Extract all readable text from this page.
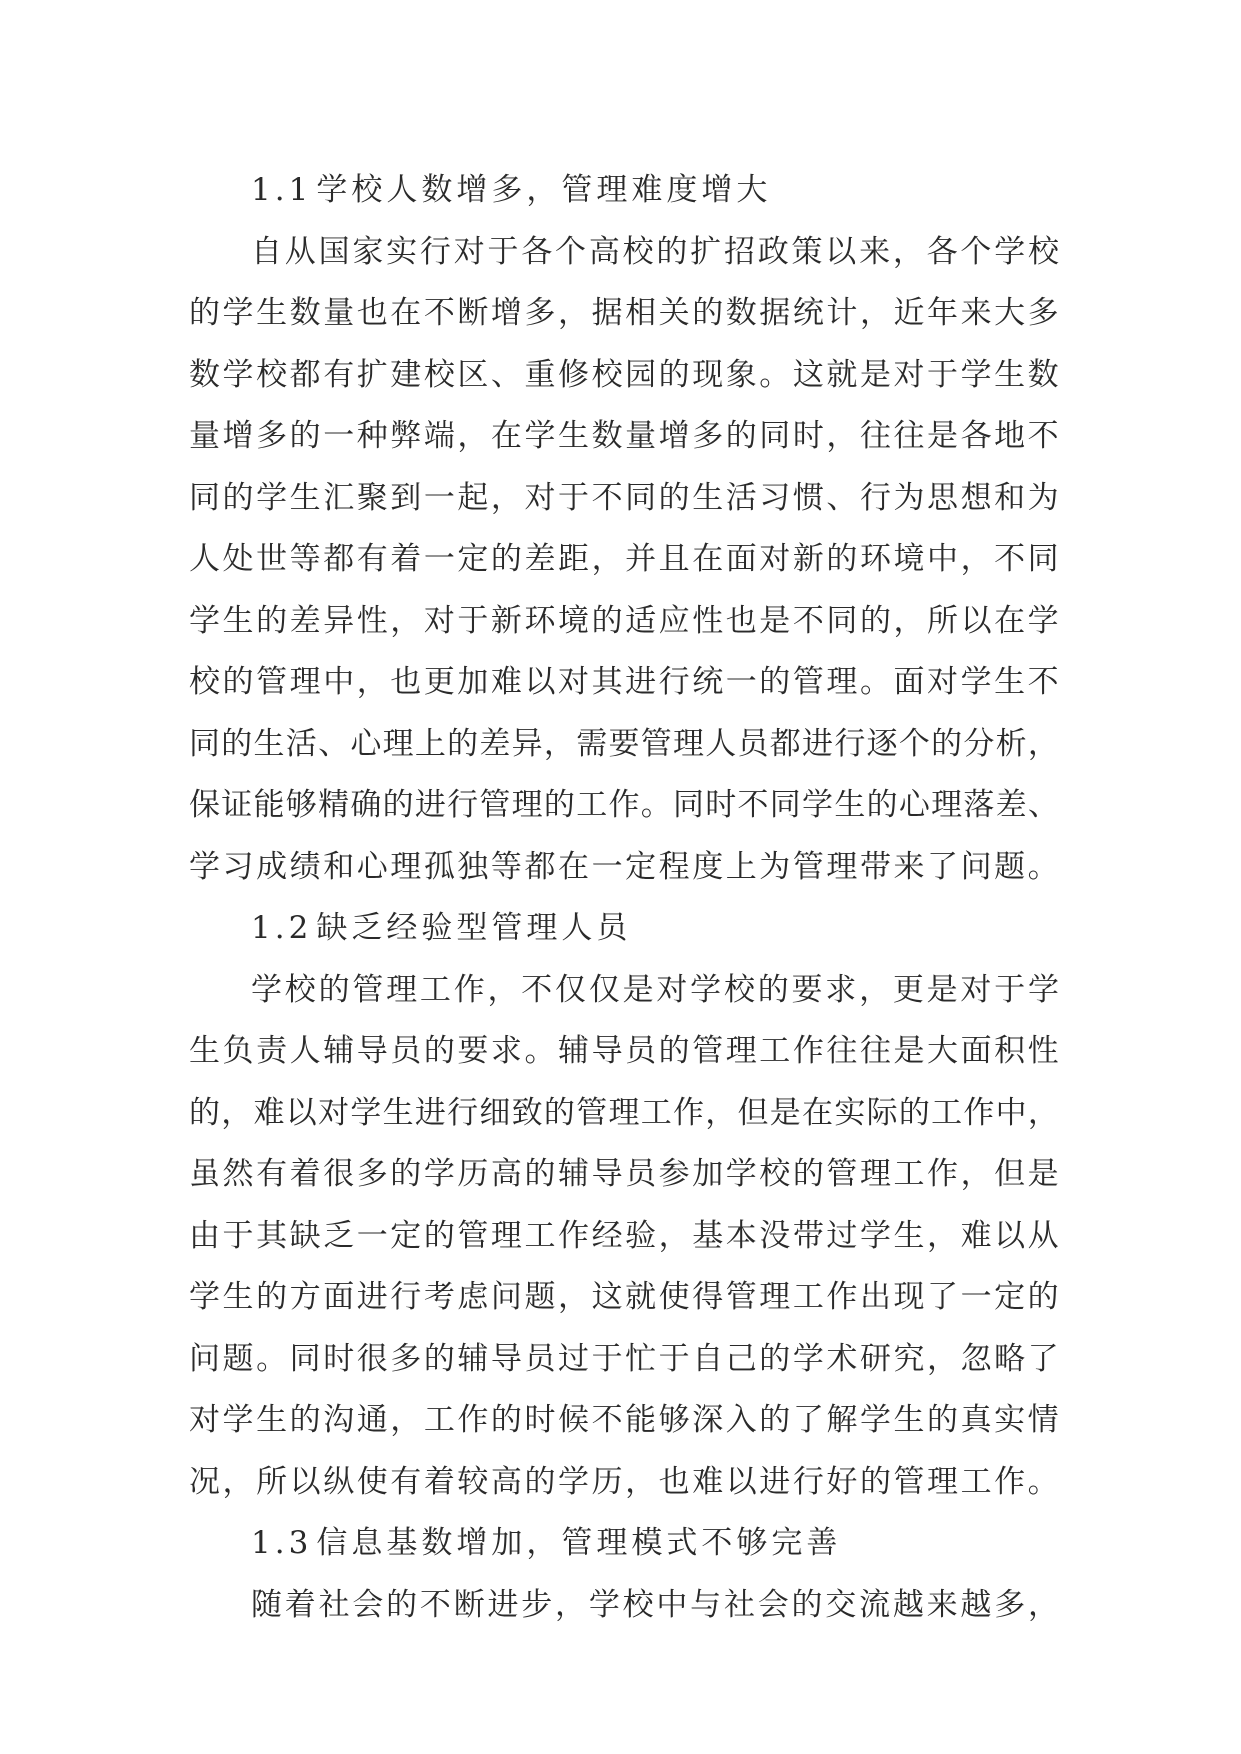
1 . 1 学 校 人 数 增 多 ， 管 理 难 度 增 大
自 从 国 家 实 行 对 于 各 个 高 校 的 扩 招 政 策 以 来 ， 各 个 学 校
的 学 生 数 量 也 在 不 断 增 多 ， 据 相 关 的 数 据 统 计 ， 近 年 来 大 多
数 学 校 都 有 扩 建 校 区 、 重 修 校 园 的 现 象 。 这 就 是 对 于 学 生 数
量 增 多 的 一 种 弊 端 ， 在 学 生 数 量 增 多 的 同 时 ， 往 往 是 各 地 不
同 的 学 生 汇 聚 到 一 起 ， 对 于 不 同 的 生 活 习 惯 、 行 为 思 想 和 为
人 处 世 等 都 有 着 一 定 的 差 距 ， 并 且 在 面 对 新 的 环 境 中 ， 不 同
学 生 的 差 异 性 ， 对 于 新 环 境 的 适 应 性 也 是 不 同 的 ， 所 以 在 学
校 的 管 理 中 ， 也 更 加 难 以 对 其 进 行 统 一 的 管 理 。 面 对 学 生 不
同 的 生 活 、 心 理 上 的 差 异 ， 需 要 管 理 人 员 都 进 行 逐 个 的 分 析 ，
保 证 能 够 精 确 的 进 行 管 理 的 工 作 。 同 时 不 同 学 生 的 心 理 落 差 、
学 习 成 绩 和 心 理 孤 独 等 都 在 一 定 程 度 上 为 管 理 带 来 了 问 题 。
1 . 2 缺 乏 经 验 型 管 理 人 员
学 校 的 管 理 工 作 ， 不 仅 仅 是 对 学 校 的 要 求 ， 更 是 对 于 学
生 负 责 人 辅 导 员 的 要 求 。 辅 导 员 的 管 理 工 作 往 往 是 大 面 积 性
的 ， 难 以 对 学 生 进 行 细 致 的 管 理 工 作 ， 但 是 在 实 际 的 工 作 中 ，
虽 然 有 着 很 多 的 学 历 高 的 辅 导 员 参 加 学 校 的 管 理 工 作 ， 但 是
由 于 其 缺 乏 一 定 的 管 理 工 作 经 验 ， 基 本 没 带 过 学 生 ， 难 以 从
学 生 的 方 面 进 行 考 虑 问 题 ， 这 就 使 得 管 理 工 作 出 现 了 一 定 的
问 题 。 同 时 很 多 的 辅 导 员 过 于 忙 于 自 己 的 学 术 研 究 ， 忽 略 了
对 学 生 的 沟 通 ， 工 作 的 时 候 不 能 够 深 入 的 了 解 学 生 的 真 实 情
况 ， 所 以 纵 使 有 着 较 高 的 学 历 ， 也 难 以 进 行 好 的 管 理 工 作 。
1 . 3 信 息 基 数 增 加 ， 管 理 模 式 不 够 完 善
随 着 社 会 的 不 断 进 步 ， 学 校 中 与 社 会 的 交 流 越 来 越 多 ，
